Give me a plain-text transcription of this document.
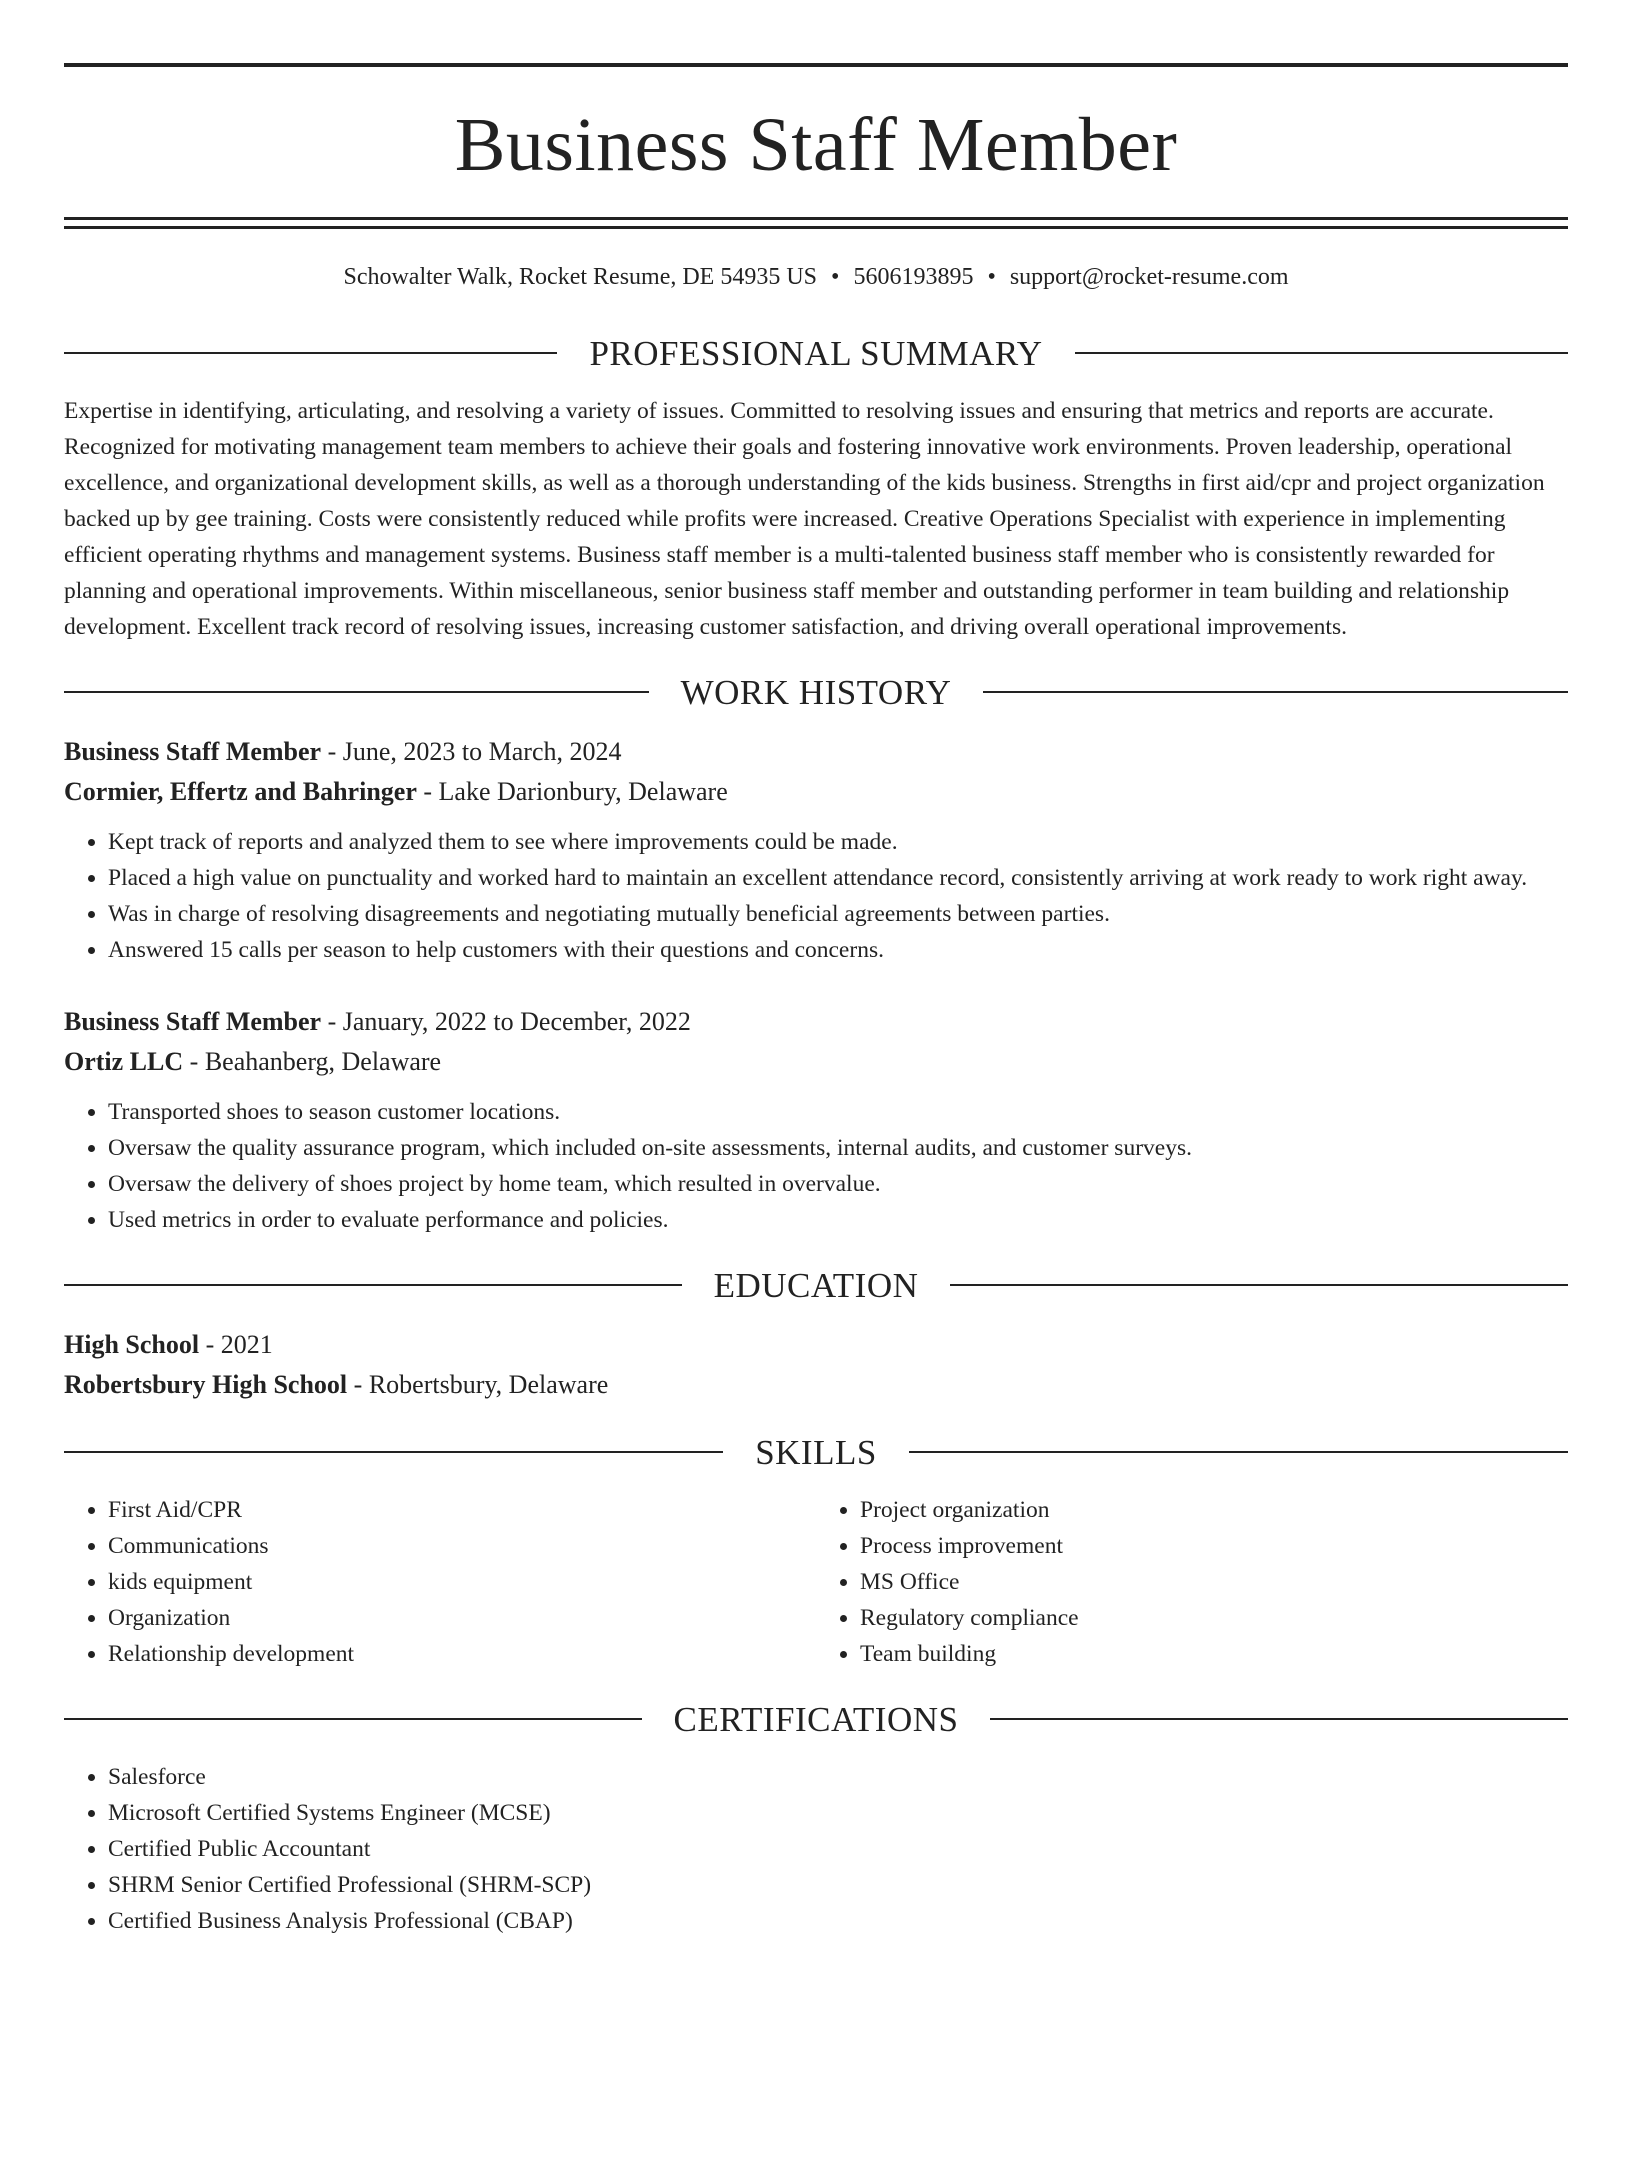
Business Staff Member
Schowalter Walk, Rocket Resume, DE 54935 US • 5606193895 • support@rocket-resume.com
PROFESSIONAL SUMMARY

Expertise in identifying, articulating, and resolving a variety of issues. Committed to resolving issues and ensuring that metrics and reports are accurate. Recognized for motivating management team members to achieve their goals and fostering innovative work environments. Proven leadership, operational excellence, and organizational development skills, as well as a thorough understanding of the kids business. Strengths in first aid/cpr and project organization backed up by gee training. Costs were consistently reduced while profits were increased. Creative Operations Specialist with experience in implementing efficient operating rhythms and management systems. Business staff member is a multi-talented business staff member who is consistently rewarded for planning and operational improvements. Within miscellaneous, senior business staff member and outstanding performer in team building and relationship development. Excellent track record of resolving issues, increasing customer satisfaction, and driving overall operational improvements.

WORK HISTORY
Business Staff Member - June, 2023 to March, 2024
Cormier, Effertz and Bahringer - Lake Darionbury, Delaware
• Kept track of reports and analyzed them to see where improvements could be made.
• Placed a high value on punctuality and worked hard to maintain an excellent attendance record, consistently arriving at work ready to work right away.
• Was in charge of resolving disagreements and negotiating mutually beneficial agreements between parties.
• Answered 15 calls per season to help customers with their questions and concerns.
Business Staff Member - January, 2022 to December, 2022
Ortiz LLC - Beahanberg, Delaware
• Transported shoes to season customer locations.
• Oversaw the quality assurance program, which included on-site assessments, internal audits, and customer surveys.
• Oversaw the delivery of shoes project by home team, which resulted in overvalue.
• Used metrics in order to evaluate performance and policies.
EDUCATION
High School - 2021
Robertsbury High School - Robertsbury, Delaware
SKILLS
• First Aid/CPR
• Communications
• kids equipment
• Organization
• Relationship development
• Project organization
• Process improvement
• MS Office
• Regulatory compliance
• Team building
CERTIFICATIONS
• Salesforce
• Microsoft Certified Systems Engineer (MCSE)
• Certified Public Accountant
• SHRM Senior Certified Professional (SHRM-SCP)
• Certified Business Analysis Professional (CBAP)
